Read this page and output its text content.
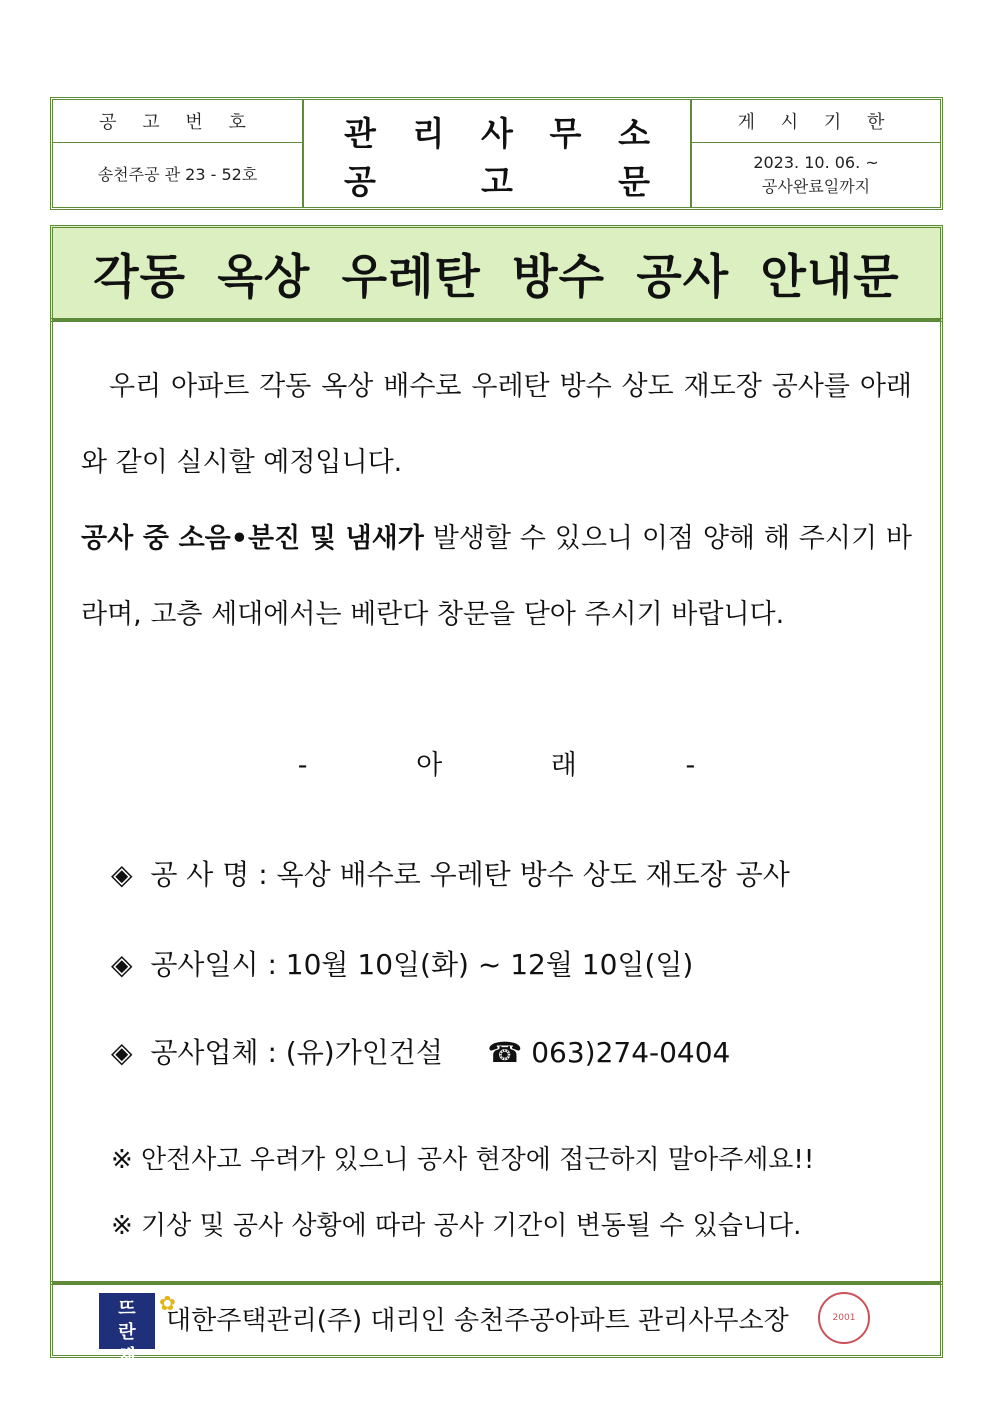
공 고 번 호
송천주공 관 23 - 52호
관 리 사 무 소
공	고	문
게 시 기 한
2023. 10. 06. ~
공사완료일까지
각동 옥상 우레탄 방수 공사 안내문

우리 아파트 각동 옥상 배수로 우레탄 방수 상도 재도장 공사를 아래와 같이 실시할 예정입니다.

공사 중 소음•분진 및 냄새가 발생할 수 있으니 이점 양해 해 주시기 바라며, 고층 세대에서는 베란다 창문을 닫아 주시기 바랍니다.

- 아 래 -
◈ 공 사 명 : 옥상 배수로 우레탄 방수 상도 재도장 공사
◈ 공사일시 : 10월 10일(화) ~ 12월 10일(일)
◈ 공사업체 : (유)가인건설 ☎ 063)274-0404
※ 안전사고 우려가 있으니 공사 현장에 접근하지 말아주세요!!
※ 기상 및 공사 상황에 따라 공사 기간이 변동될 수 있습니다.
✿
뜨란채
대한주택관리(주) 대리인 송천주공아파트 관리사무소장	2001
